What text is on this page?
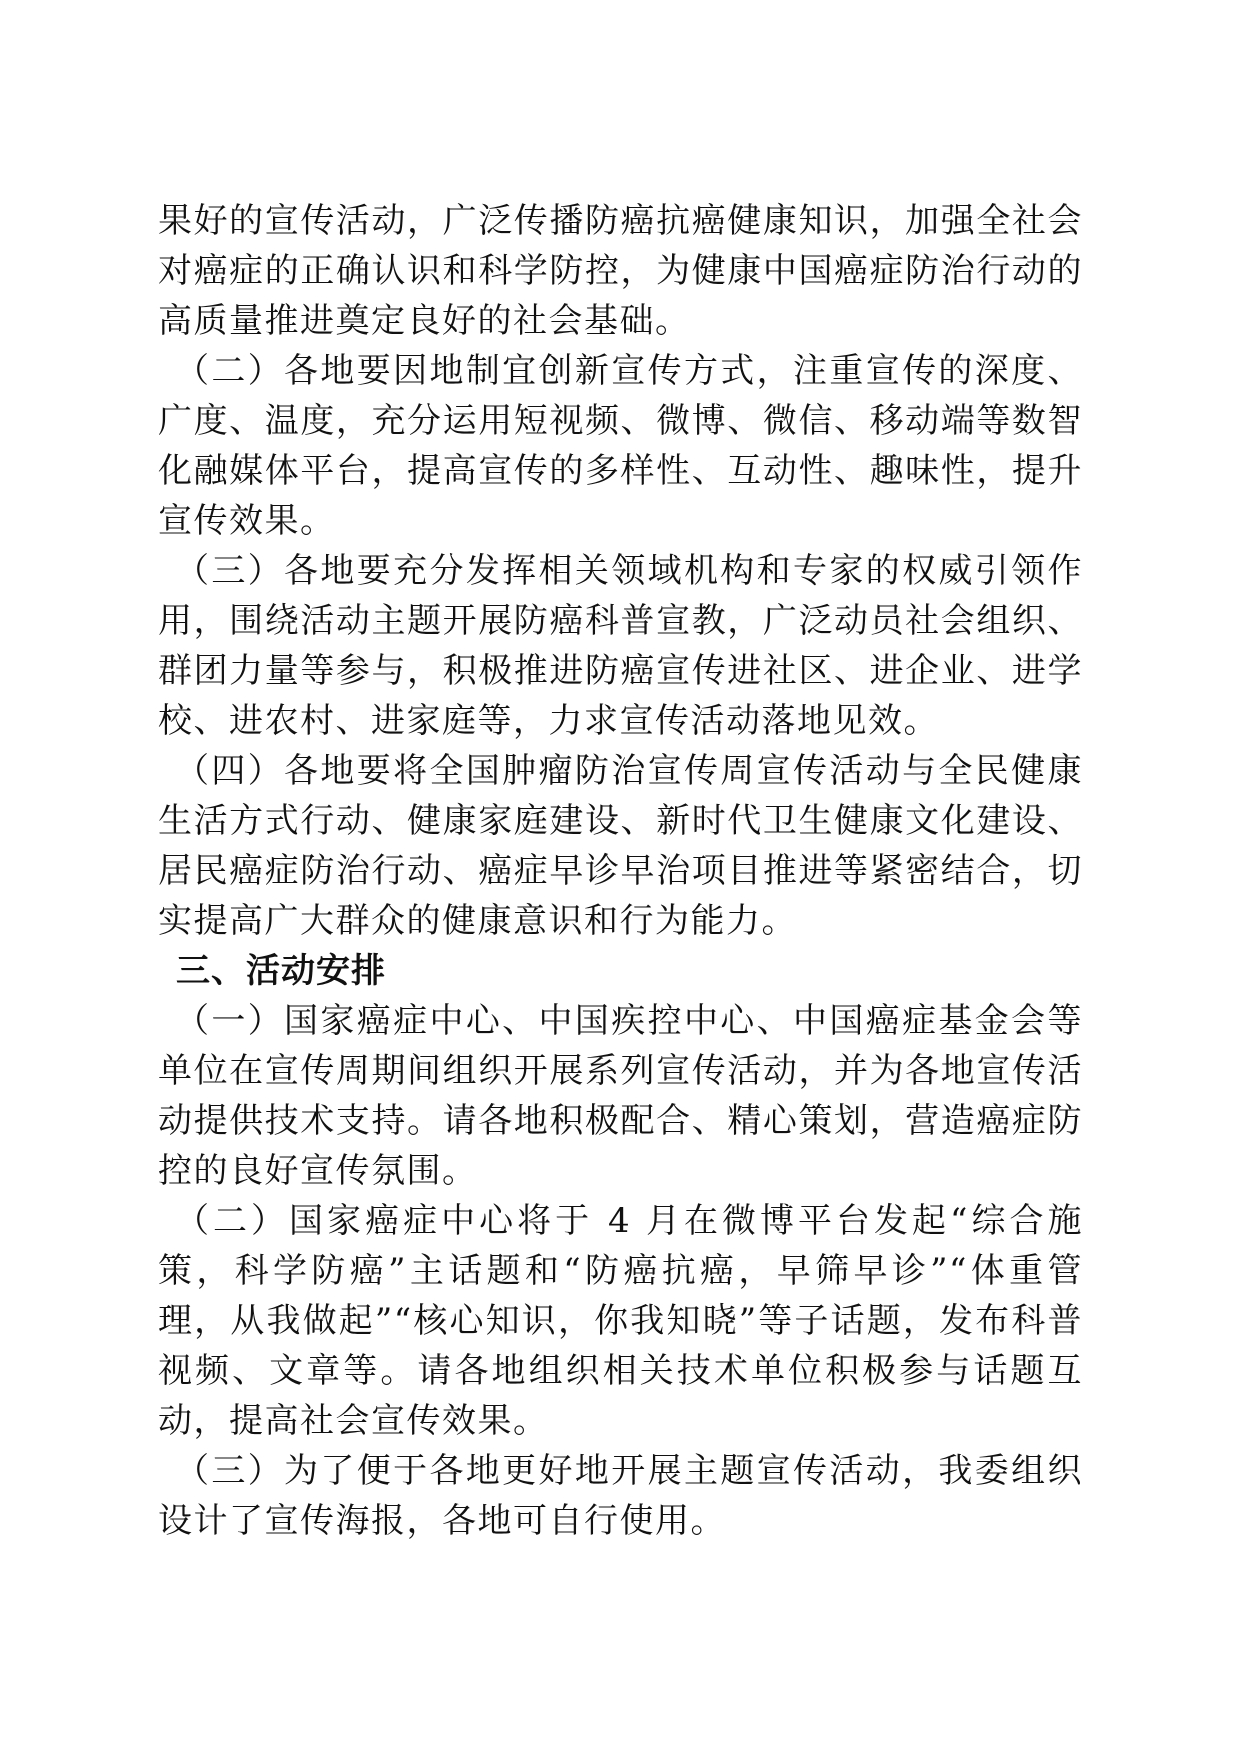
果好的宣传活动，广泛传播防癌抗癌健康知识，加强全社会对癌症的正确认识和科学防控，为健康中国癌症防治行动的高质量推进奠定良好的社会基础。

（二）各地要因地制宜创新宣传方式，注重宣传的深度、广度、温度，充分运用短视频、微博、微信、移动端等数智化融媒体平台，提高宣传的多样性、互动性、趣味性，提升宣传效果。

（三）各地要充分发挥相关领域机构和专家的权威引领作用，围绕活动主题开展防癌科普宣教，广泛动员社会组织、群团力量等参与，积极推进防癌宣传进社区、进企业、进学校、进农村、进家庭等，力求宣传活动落地见效。

（四）各地要将全国肿瘤防治宣传周宣传活动与全民健康生活方式行动、健康家庭建设、新时代卫生健康文化建设、居民癌症防治行动、癌症早诊早治项目推进等紧密结合，切实提高广大群众的健康意识和行为能力。

三、活动安排

（一）国家癌症中心、中国疾控中心、中国癌症基金会等单位在宣传周期间组织开展系列宣传活动，并为各地宣传活动提供技术支持。请各地积极配合、精心策划，营造癌症防控的良好宣传氛围。

（二）国家癌症中心将于 4 月在微博平台发起“综合施策，科学防癌”主话题和“防癌抗癌，早筛早诊”“体重管理，从我做起”“核心知识，你我知晓”等子话题，发布科普视频、文章等。请各地组织相关技术单位积极参与话题互动，提高社会宣传效果。

（三）为了便于各地更好地开展主题宣传活动，我委组织设计了宣传海报，各地可自行使用。
